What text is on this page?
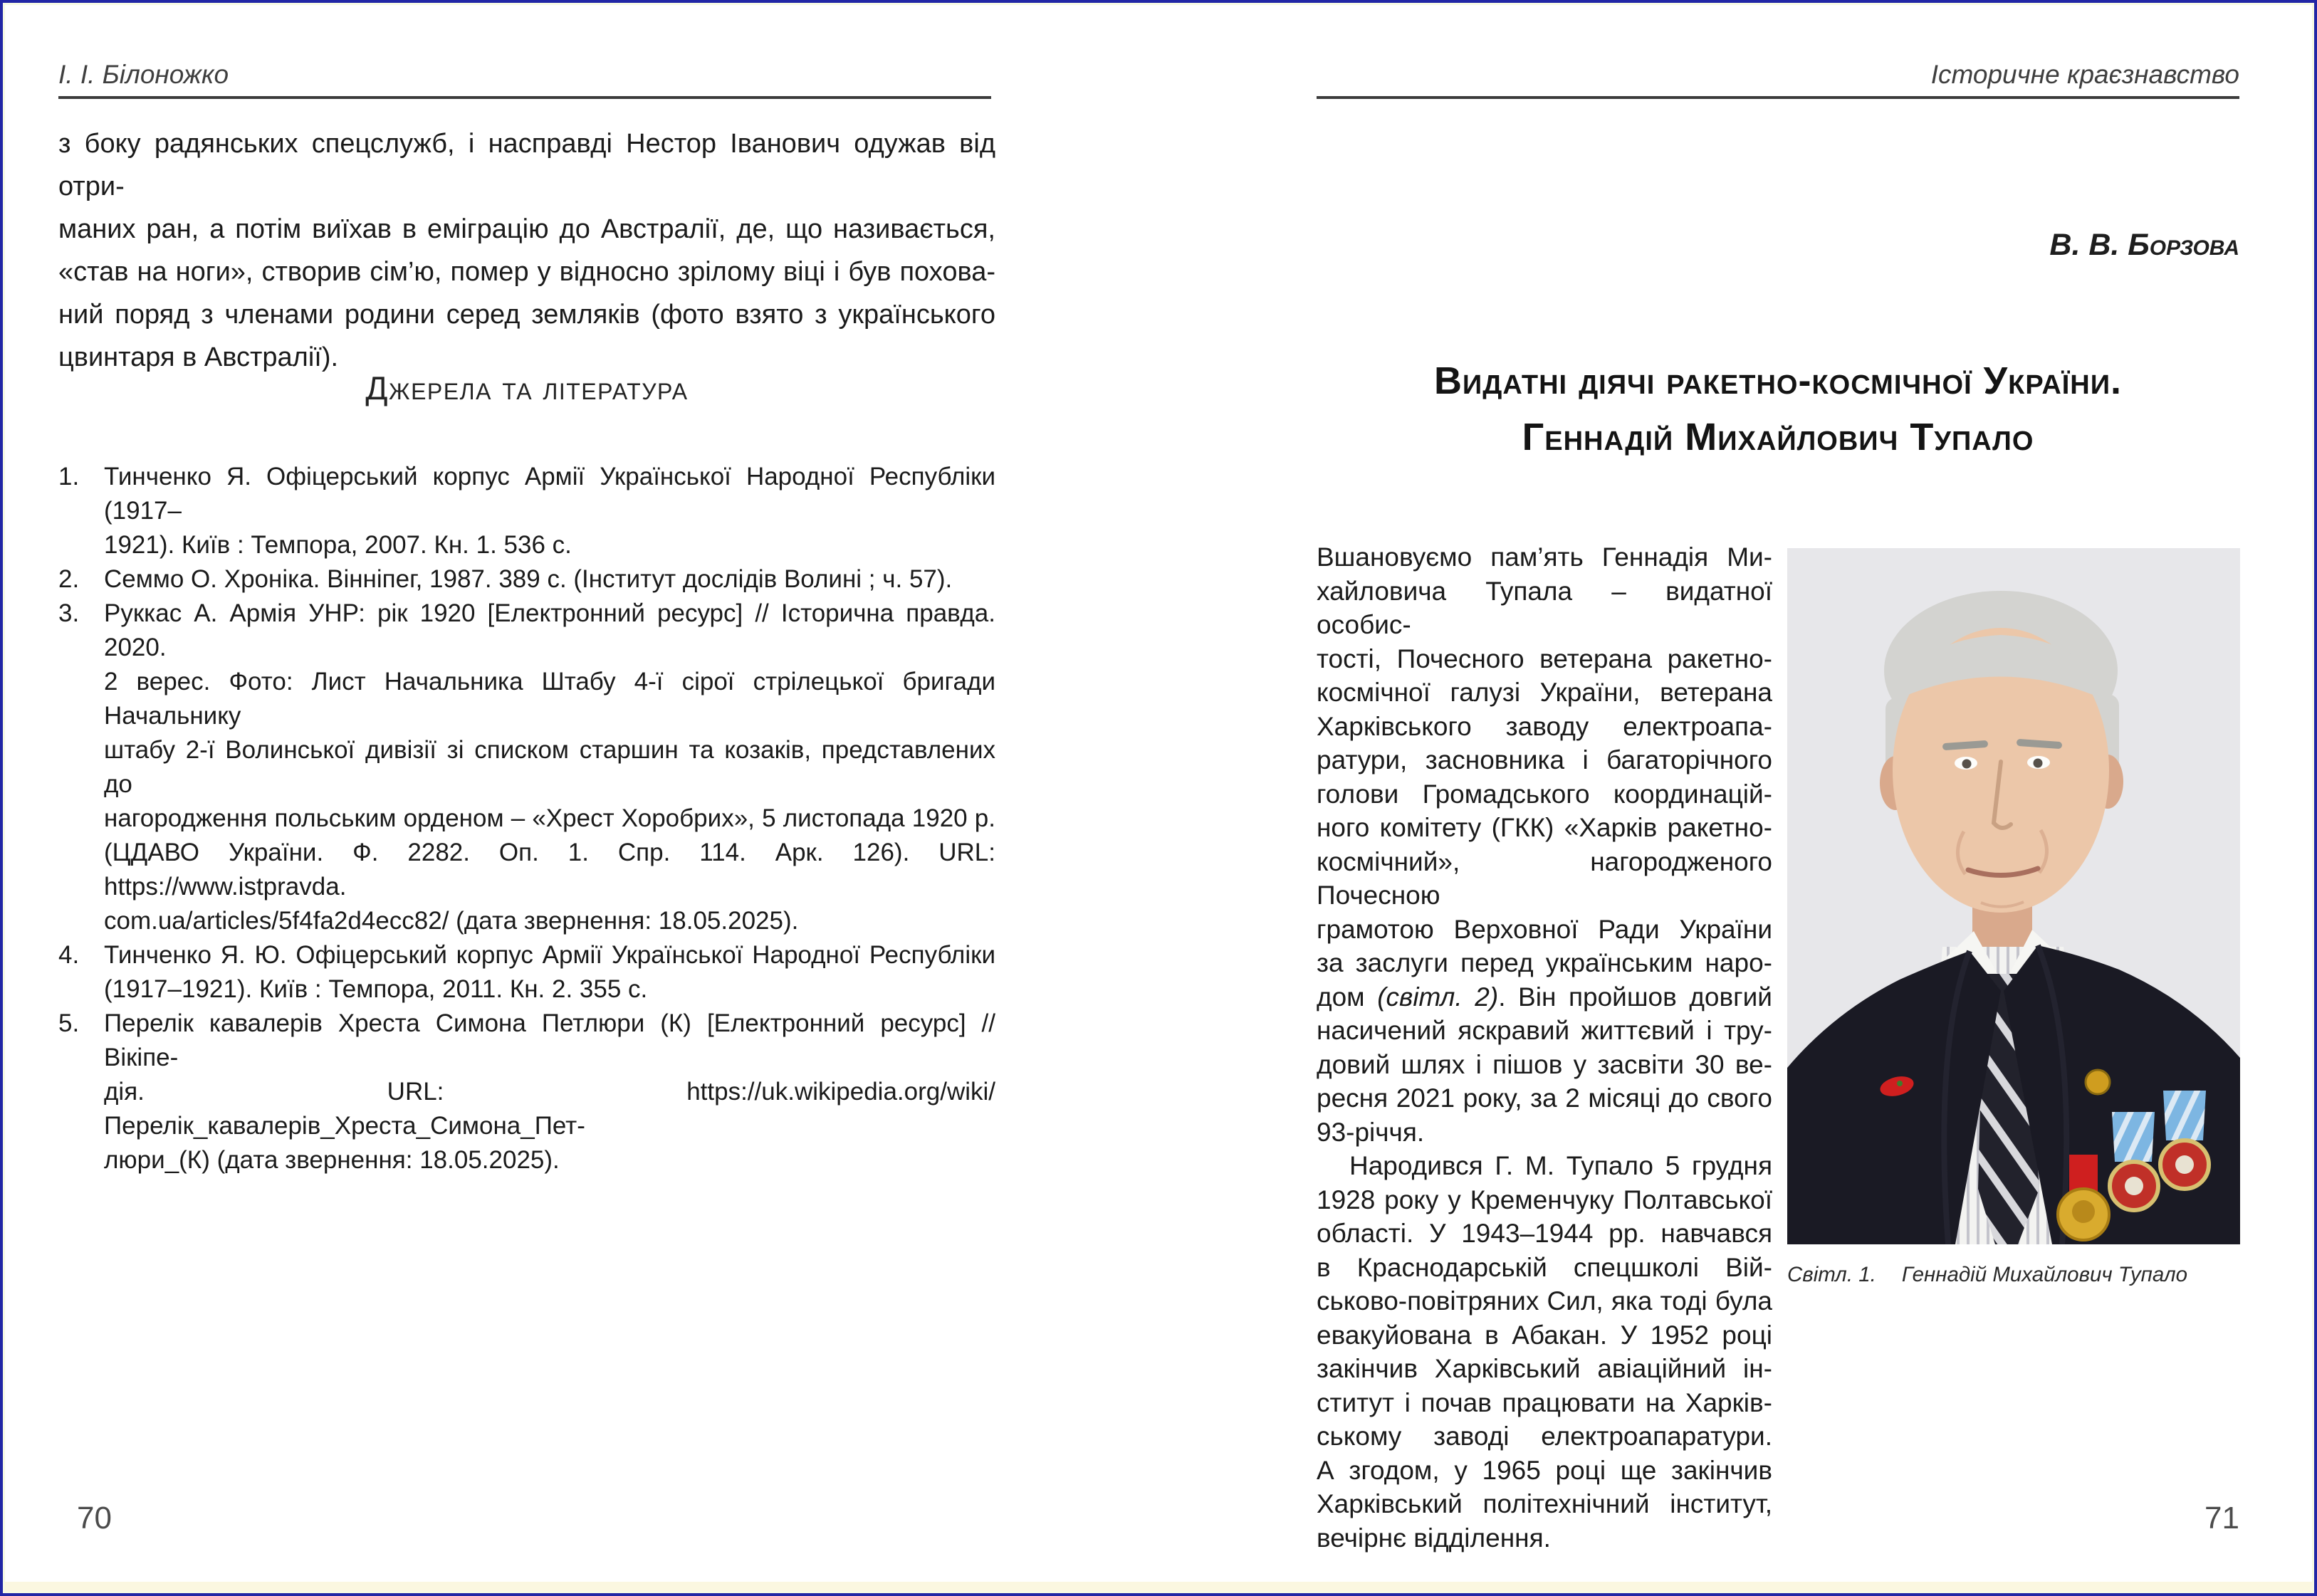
І. І. Білоножко	Історичне краєзнавство
з боку радянських спецслужб, і насправді Нестор Іванович одужав від отри-
маних ран, а потім виїхав в еміграцію до Австралії, де, що називається,
«став на ноги», створив сім’ю, помер у відносно зрілому віці і був похова-
ний поряд з членами родини серед земляків (фото взято з українського
цвинтаря в Австралії).
Джерела та література
1. Тинченко Я. Офіцерський корпус Армії Української Народної Республіки (1917–
1921). Київ : Темпора, 2007. Кн. 1. 536 с.
2. Семмо О. Хроніка. Вінніпег, 1987. 389 с. (Інститут дослідів Волині ; ч. 57).
3. Руккас А. Армія УНР: рік 1920 [Електронний ресурс] // Історична правда. 2020.
2 верес. Фото: Лист Начальника Штабу 4-ї сірої стрілецької бригади Начальнику
штабу 2-ї Волинської дивізії зі списком старшин та козаків, представлених до
нагородження польським орденом – «Хрест Хоробрих», 5 листопада 1920 р.
(ЦДАВО України. Ф. 2282. Оп. 1. Спр. 114. Арк. 126). URL: https://www.istpravda.
com.ua/articles/5f4fa2d4ecc82/ (дата звернення: 18.05.2025).
4. Тинченко Я. Ю. Офіцерський корпус Армії Української Народної Республіки
(1917–1921). Київ : Темпора, 2011. Кн. 2. 355 с.
5. Перелік кавалерів Хреста Симона Петлюри (К) [Електронний ресурс] // Вікіпе-
дія. URL: https://uk.wikipedia.org/wiki/Перелік_кавалерів_Хреста_Симона_Пет-
люри_(К) (дата звернення: 18.05.2025).
В. В. Борзова
Видатні діячі ракетно-космічної України.
Геннадій Михайлович Тупало
Вшановуємо пам’ять Геннадія Ми-
хайловича Тупала – видатної особис-
тості, Почесного ветерана ракетно-
космічної галузі України, ветерана
Харківського заводу електроапа-
ратури, засновника і багаторічного
голови Громадського координацій-
ного комітету (ГКК) «Харків ракетно-
космічний», нагородженого Почесною
грамотою Верховної Ради України
за заслуги перед українським наро-
дом (світл. 2). Він пройшов довгий
насичений яскравий життєвий і тру-
довий шлях і пішов у засвіти 30 ве-
ресня 2021 року, за 2 місяці до свого
93-річчя.
Народився Г. М. Тупало 5 грудня
1928 року у Кременчуку Полтавської
області. У 1943–1944 рр. навчався
в Краснодарській спецшколі Вій-
ськово-повітряних Сил, яка тоді була
евакуйована в Абакан. У 1952 році
закінчив Харківський авіаційний ін-
ститут і почав працювати на Харків-
ському заводі електроапаратури.
А згодом, у 1965 році ще закінчив
Харківський політехнічний інститут,
вечірнє відділення.
Світл. 1. Геннадій Михайлович Тупало
70	71
